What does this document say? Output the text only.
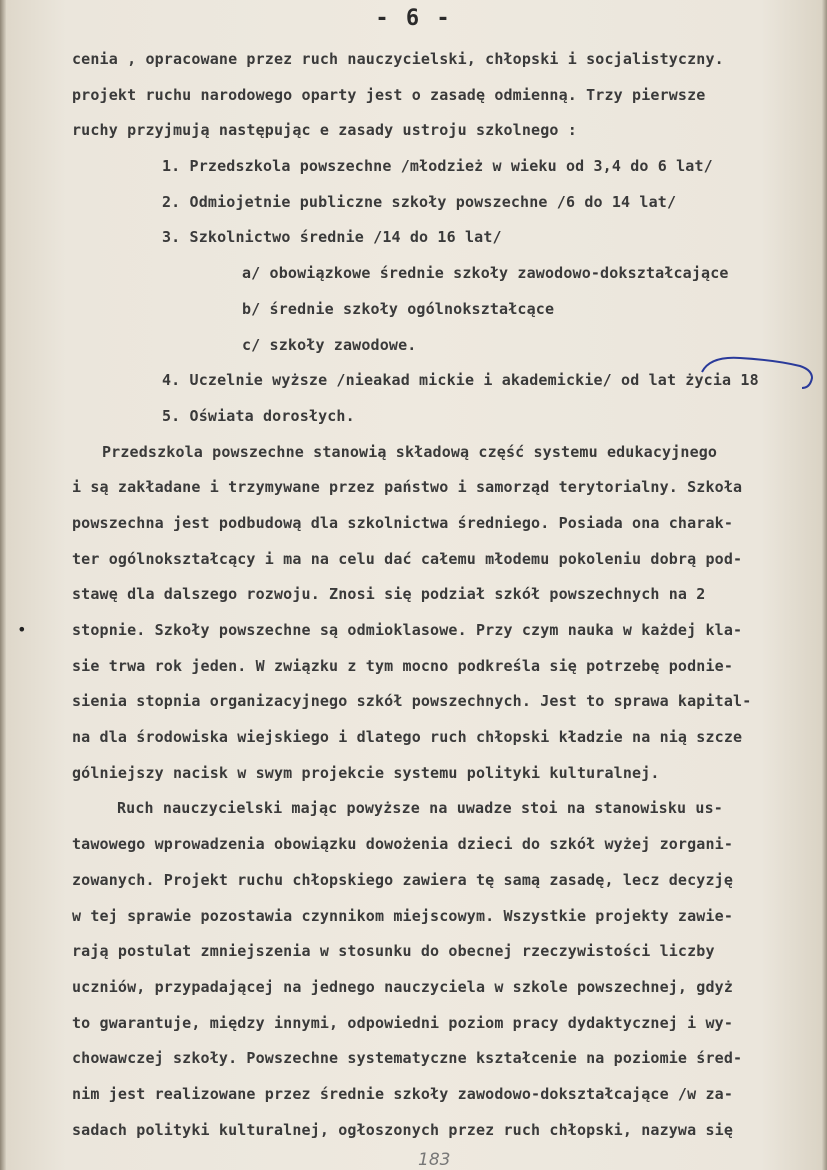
- 6 -
cenia , opracowane przez ruch nauczycielski, chłopski i socjalistyczny.
projekt ruchu narodowego oparty jest o zasadę odmienną. Trzy pierwsze
ruchy przyjmują następując e zasady ustroju szkolnego :
1. Przedszkola powszechne /młodzież w wieku od 3,4 do 6 lat/
2. Odmiojetnie publiczne szkoły powszechne /6 do 14 lat/
3. Szkolnictwo średnie /14 do 16 lat/
a/ obowiązkowe średnie szkoły zawodowo-dokształcające
b/ średnie szkoły ogólnokształcące
c/ szkoły zawodowe.
4. Uczelnie wyższe /nieakad mickie i akademickie/ od lat życia 18
5. Oświata dorosłych.
Przedszkola powszechne stanowią składową część systemu edukacyjnego
i są zakładane i trzymywane przez państwo i samorząd terytorialny. Szkoła
powszechna jest podbudową dla szkolnictwa średniego. Posiada ona charak-
ter ogólnokształcący i ma na celu dać całemu młodemu pokoleniu dobrą pod-
stawę dla dalszego rozwoju. Znosi się podział szkół powszechnych na 2
stopnie. Szkoły powszechne są odmioklasowe. Przy czym nauka w każdej kla-
sie trwa rok jeden. W związku z tym mocno podkreśla się potrzebę podnie-
sienia stopnia organizacyjnego szkół powszechnych. Jest to sprawa kapital-
na dla środowiska wiejskiego i dlatego ruch chłopski kładzie na nią szcze
gólniejszy nacisk w swym projekcie systemu polityki kulturalnej.
Ruch nauczycielski mając powyższe na uwadze stoi na stanowisku us-
tawowego wprowadzenia obowiązku dowożenia dzieci do szkół wyżej zorgani-
zowanych. Projekt ruchu chłopskiego zawiera tę samą zasadę, lecz decyzję
w tej sprawie pozostawia czynnikom miejscowym. Wszystkie projekty zawie-
rają postulat zmniejszenia w stosunku do obecnej rzeczywistości liczby
uczniów, przypadającej na jednego nauczyciela w szkole powszechnej, gdyż
to gwarantuje, między innymi, odpowiedni poziom pracy dydaktycznej i wy-
chowawczej szkoły. Powszechne systematyczne kształcenie na poziomie śred-
nim jest realizowane przez średnie szkoły zawodowo-dokształcające /w za-
sadach polityki kulturalnej, ogłoszonych przez ruch chłopski, nazywa się
•
183
